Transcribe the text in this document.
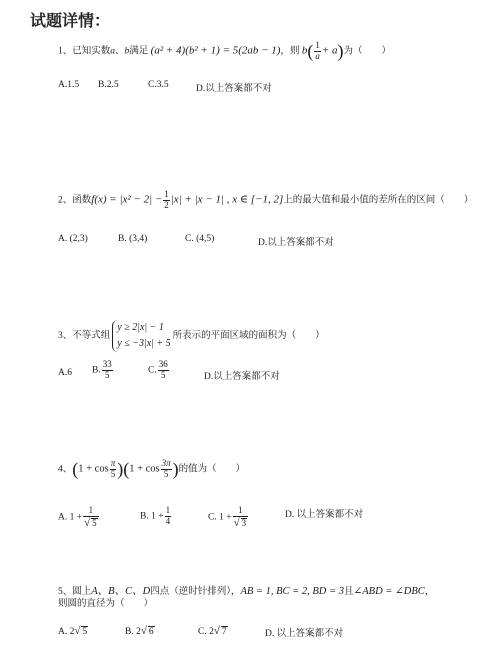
试题详情：
1、已知实数a、b满足 (a² + 4)(b² + 1) = 5(2ab − 1)，则 $b( \frac{1}{a} + a)$为（　　）
A.1.5 B.2.5	C.3.5	D.以上答案都不对
2、函数$f(x) = |x^2 - 2| - \frac{1}{2} |x| + |x - 1|$ , x ∈ [−1, 2]上的最大值和最小值的差所在的区间（　　）
A. (2,3)	B. (3,4)	C. (4,5)	D.以上答案都不对
3、不等式组
y ≥ 2|x| − 1
y ≤ −3|x| + 5
所表示的平面区域的面积为（　　）
A.6 B. $\frac{33}{5}$	C. $\frac{36}{5}$	D.以上答案都不对
4、$(1 + \cos \frac{\pi}{5} )(1 + \cos \frac{3\pi}{5}$ )的值为（　　）
A. $1 + \frac{1}{√ 5}$	B. $1 + \frac{1}{4}$	C. $1 + \frac{1}{√ 3}$	D. 以上答案都不对
5、圆上A、B、C、D四点（逆时针排列），AB = 1, BC = 2, BD = 3且∠ABD = ∠DBC，
则圆的直径为（　　）
A. 2√ 5	B. 2√ 6	C. 2√ 7	D. 以上答案都不对
